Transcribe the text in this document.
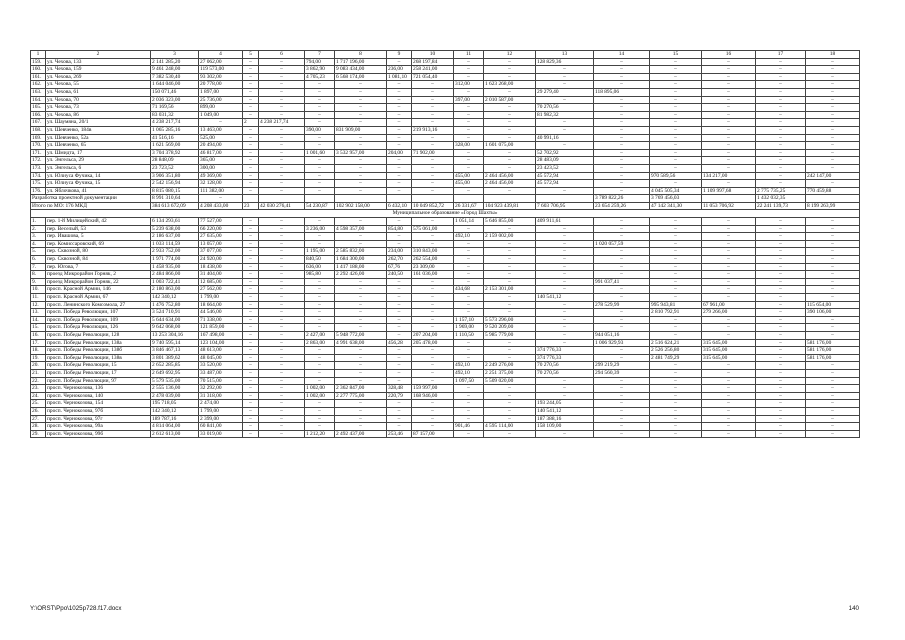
1	2	3	4	5	6	7	8	9	10	11	12	13	14	15	16	17	18
159.	ул. Чехова, 133	2 141 285,20	27 062,00	–	–	794,00	1 717 196,00	–	268 197,84	–	–	128 829,36	–	–	–	–	–
160.	ул. Чехова, 159	9 461 248,00	119 573,00	–	–	3 862,90	9 083 434,00	236,00	258 241,00	–	–	–	–	–	–	–	–
161.	ул. Чехова, 269	7 382 530,40	93 302,00	–	–	4 705,23	6 568 174,00	1 081,10	721 054,40	–	–	–	–	–	–	–	–
162.	ул. Чехова, 55	1 644 046,00	20 778,00	–	–	–	–	–	–	312,00	1 623 268,00	–	–	–	–	–	–
163.	ул. Чехова, 61	150 071,46	1 897,00	–	–	–	–	–	–	–	–	29 279,40	118 895,06	–	–	–	–
164.	ул. Чехова, 70	2 036 323,00	25 736,00	–	–	–	–	–	–	397,00	2 010 587,00	–	–	–	–	–	–
165.	ул. Чехова, 73	71 169,56	899,00	–	–	–	–	–	–	–	–	70 270,56	–	–	–	–	–
166.	ул. Чехова, 86	83 031,32	1 049,00	–	–	–	–	–	–	–	–	81 982,32	–	–	–	–	–
167.	ул. Шаумяна, 20/1	4 238 217,74	–	2	4 238 217,74	–	–	–	–	–	–	–	–	–	–	–	–
168.	ул. Шевченко, 184в	1 065 285,16	13 463,00	–	–	390,00	831 909,00	–	219 913,16	–	–	–	–	–	–	–	–
169.	ул. Шевченко, 52а	41 516,16	525,00	–	–	–	–	–	–	–	–	40 991,16	–	–	–	–	–
170.	ул. Шевченко, 65	1 621 569,00	20 494,00	–	–	–	–	–	–	328,00	1 601 075,00	–	–	–	–	–	–
171.	ул. Шмидта, 17	3 704 378,92	46 817,00	–	–	1 001,60	3 532 957,00	204,00	71 902,00	–	–	52 702,92	–	–	–	–	–
172.	ул. Энгельса, 29	28 848,09	365,00	–	–	–	–	–	–	–	–	28 483,09	–	–	–	–	–
173.	ул. Энгельса, 6	23 723,52	300,00	–	–	–	–	–	–	–	–	23 423,52	–	–	–	–	–
174.	ул. Юлиуса Фучика, 14	3 906 351,80	49 369,00	–	–	–	–	–	–	455,00	2 464 456,00	45 572,94	–	970 589,56	134 217,00	–	242 147,00
175.	ул. Юлиуса Фучика, 15	2 542 156,94	32 128,00	–	–	–	–	–	–	455,00	2 464 456,00	45 572,94	–	–	–	–	–
176.	ул. Яблочкова, 41	8 815 080,15	111 382,00	–	–	–	–	–	–	–	–	–	–	4 045 505,34	1 109 997,68	2 775 735,25	770 459,88
Разработка проектной документации		8 991 310,64	–										3 789 822,26	3 769 456,03		1 432 032,35	
Итого по МО: 176 МКД		384 613 672,09	4 208 433,00	23	42 030 276,41	54 230,87	102 902 158,00	6 432,10	10 049 852,72	26 331,67	104 923 439,81	7 603 706,95	23 654 259,26	47 142 341,30	11 053 706,92	22 241 139,73	8 199 263,99
Муниципальное образование «Город Шахты»																	
1.	пер. 1-й Милицейский, 42	6 134 293,61	77 527,00	–	–	–	–	–	–	1 051,14	5 646 855,00	409 911,61	–	–	–	–	–
2.	пер. Веселый, 53	5 239 638,00	66 220,00	–	–	3 236,00	4 598 357,00	854,80	575 061,00	–	–	–	–	–	–	–	–
3.	пер. Ивашова, 5	2 186 637,00	27 635,00	–	–	–	–	–	–	492,10	2 159 002,00	–	–	–	–	–	–
4.	пер. Комиссаровский, 69	1 033 114,59	13 057,00	–	–	–	–	–	–	–	–	–	1 020 057,59	–	–	–	–
5.	пер. Сквозной, 80	2 933 752,00	37 077,00	–	–	1 195,00	2 585 832,00	234,00	310 843,00	–	–	–	–	–	–	–	–
6.	пер. Сквозной, 84	1 971 774,00	24 920,00	–	–	840,50	1 684 300,00	262,70	262 554,00	–	–	–	–	–	–	–	–
7.	пер. Югова, 7	1 458 935,00	18 438,00	–	–	636,00	1 417 188,00	67,76	23 309,00	–	–	–	–	–	–	–	–
8.	проезд Микрорайон Горняк, 2	2 484 866,00	31 404,00	–	–	985,80	2 292 426,00	240,50	161 036,00	–	–	–	–	–	–	–	–
9.	проезд Микрорайон Горняк, 22	1 003 722,41	12 685,00	–	–	–	–	–	–	–	–	–	991 037,41	–	–	–	–
10.	просп. Красной Армии, 146	2 180 863,00	27 562,00	–	–	–	–	–	–	434,68	2 153 301,00	–	–	–	–	–	–
11.	просп. Красной Армии, 67	142 340,12	1 799,00	–	–	–	–	–	–	–	–	140 541,12	–	–	–	–	–
12.	просп. Ленинского Комсомола, 27	1 476 752,80	18 664,00	–	–	–	–	–	–	–	–	–	278 529,99	995 943,81	67 961,00	–	115 654,00
13.	просп. Победа Революции, 107	3 524 710,91	44 546,00	–	–	–	–	–	–	–	–	–	–	2 810 792,91	279 266,00	–	390 106,00
14.	просп. Победа Революции, 109	5 644 634,00	71 338,00	–	–	–	–	–	–	1 157,10	5 573 296,00	–	–	–	–	–	–
15.	просп. Победа Революции, 126	9 642 068,00	121 859,00	–	–	–	–	–	–	1 969,00	9 520 209,00	–	–	–	–	–	–
16.	просп. Победы Революции, 128	13 253 304,16	167 498,00	–	–	2 427,00	5 948 772,00	–	207 204,00	1 110,50	5 985 779,00	–	944 051,16	–	–	–	–
17.	просп. Победы Революции, 138а	9 740 595,14	123 104,00	–	–	2 863,00	4 991 638,00	456,28	205 478,00	–	–	–	1 006 929,93	2 516 624,21	315 645,00	–	581 176,00
18.	просп. Победы Революции, 138б	3 846 467,13	48 613,00	–	–	–	–	–	–	–	–	374 776,33	–	2 526 256,80	315 645,00	–	581 176,00
19.	просп. Победы Революции, 138в	3 801 389,62	48 045,00	–	–	–	–	–	–	–	–	374 776,33	–	2 481 749,29	315 645,00	–	581 176,00
20.	просп. Победы Революции, 15	2 652 285,85	33 520,00	–	–	–	–	–	–	492,10	2 249 276,00	70 270,56	299 219,29	–	–	–	–
21.	просп. Победы Революции, 17	2 649 692,95	33 487,00	–	–	–	–	–	–	492,10	2 251 375,00	70 270,56	294 560,39	–	–	–	–
22.	просп. Победы Революции, 97	5 579 535,00	70 515,00	–	–	–	–	–	–	1 097,50	5 509 020,00	–	–	–	–	–	–
23.	просп. Чернокозова, 136	2 555 136,00	32 292,00	–	–	1 002,00	2 362 847,00	328,48	159 997,00	–	–	–	–	–	–	–	–
24.	просп. Чернокозова, 140	2 478 039,00	31 318,00	–	–	1 002,00	2 277 775,00	220,79	168 946,00	–	–	–	–	–	–	–	–
25.	просп. Чернокозова, 154	195 718,05	2 474,00	–	–	–	–	–	–	–	–	193 244,05	–	–	–	–	–
26.	просп. Чернокозова, 97б	142 340,12	1 799,00	–	–	–	–	–	–	–	–	140 541,12	–	–	–	–	–
27.	просп. Чернокозова, 97г	189 787,16	2 399,00	–	–	–	–	–	–	–	–	187 388,16	–	–	–	–	–
28.	просп. Чернокозова, 99а	4 814 064,00	60 841,00	–	–	–	–	–	–	901,46	4 595 114,00	158 109,00	–	–	–	–	–
29.	просп. Чернокозова, 99б	2 612 613,00	33 019,00	–	–	1 212,20	2 492 437,00	253,46	87 157,00	–	–	–	–	–	–	–	–
Y:\ORST\Ppo\1025p728.f17.docx	140
